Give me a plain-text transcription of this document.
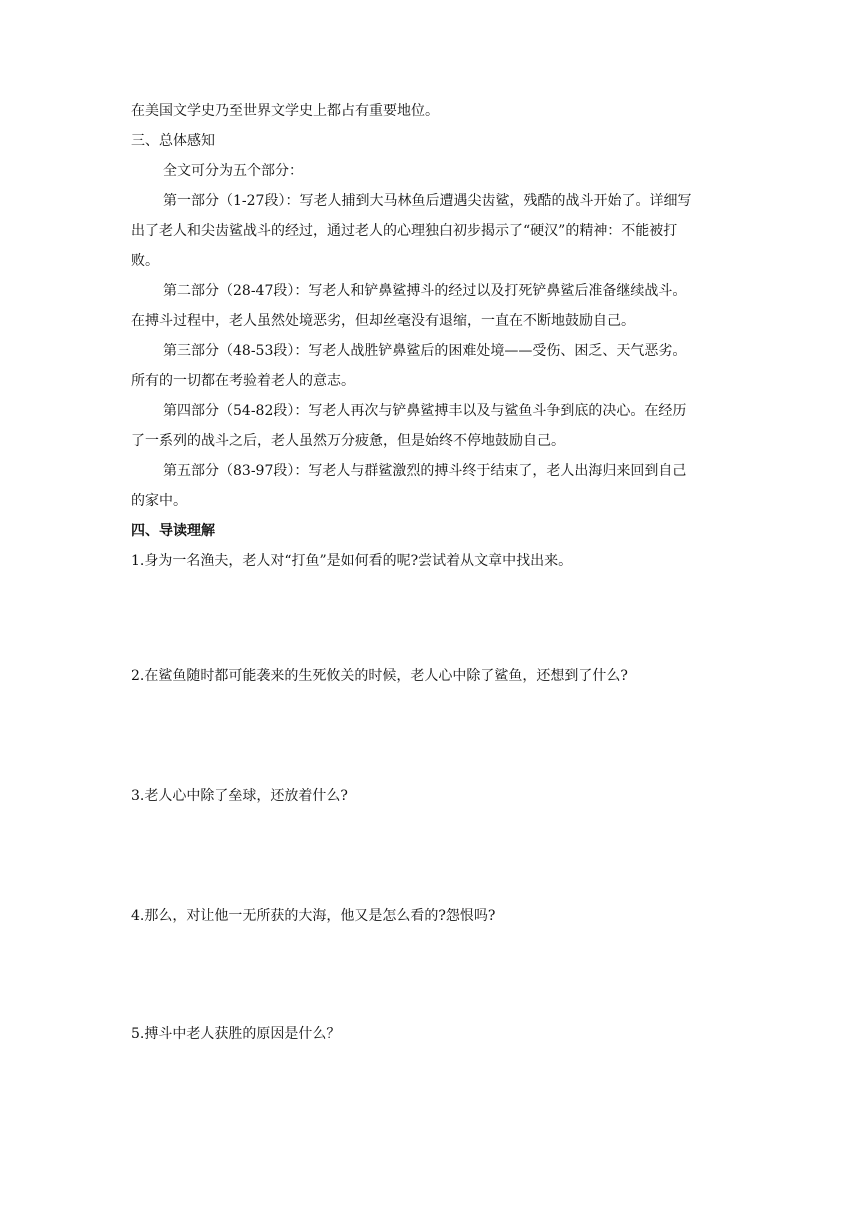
在美国文学史乃至世界文学史上都占有重要地位。
三、总体感知
全文可分为五个部分：
第一部分（1-27段）：写老人捕到大马林鱼后遭遇尖齿鲨，残酷的战斗开始了。详细写
出了老人和尖齿鲨战斗的经过，通过老人的心理独白初步揭示了“硬汉”的精神：不能被打
败。
第二部分（28-47段）：写老人和铲鼻鲨搏斗的经过以及打死铲鼻鲨后准备继续战斗。
在搏斗过程中，老人虽然处境恶劣，但却丝毫没有退缩，一直在不断地鼓励自己。
第三部分（48-53段）：写老人战胜铲鼻鲨后的困难处境——受伤、困乏、天气恶劣。
所有的一切都在考验着老人的意志。
第四部分（54-82段）：写老人再次与铲鼻鲨搏丰以及与鲨鱼斗争到底的决心。在经历
了一系列的战斗之后，老人虽然万分疲惫，但是始终不停地鼓励自己。
第五部分（83-97段）：写老人与群鲨激烈的搏斗终于结束了，老人出海归来回到自己
的家中。
四、导读理解
1.身为一名渔夫，老人对“打鱼”是如何看的呢?尝试着从文章中找出来。
2.在鲨鱼随时都可能袭来的生死攸关的时候，老人心中除了鲨鱼，还想到了什么?
3.老人心中除了垒球，还放着什么?
4.那么，对让他一无所获的大海，他又是怎么看的?怨恨吗?
5.搏斗中老人获胜的原因是什么？
